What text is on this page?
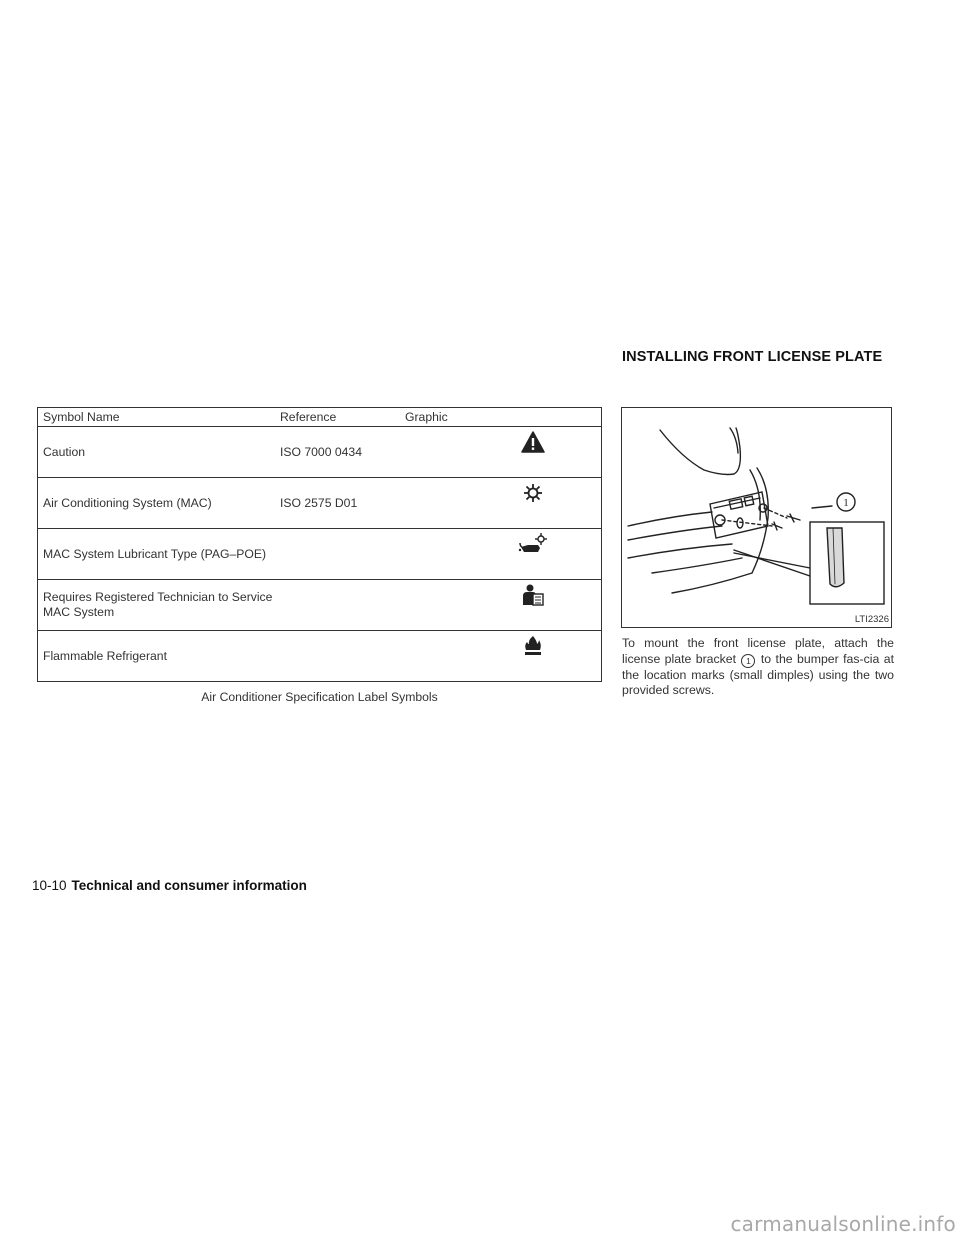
INSTALLING FRONT LICENSE PLATE
Symbol Name	Reference	Graphic
Caution	ISO 7000 0434	
Air Conditioning System (MAC)	ISO 2575 D01	
MAC System Lubricant Type (PAG–POE)		
Requires Registered Technician to Service MAC System		
Flammable Refrigerant		
Air Conditioner Specification Label Symbols
1
LTI2326
To mount the front license plate, attach the license plate bracket 1 to the bumper fas-cia at the location marks (small dimples) using the two provided screws.
10-10 Technical and consumer information
carmanualsonline.info
